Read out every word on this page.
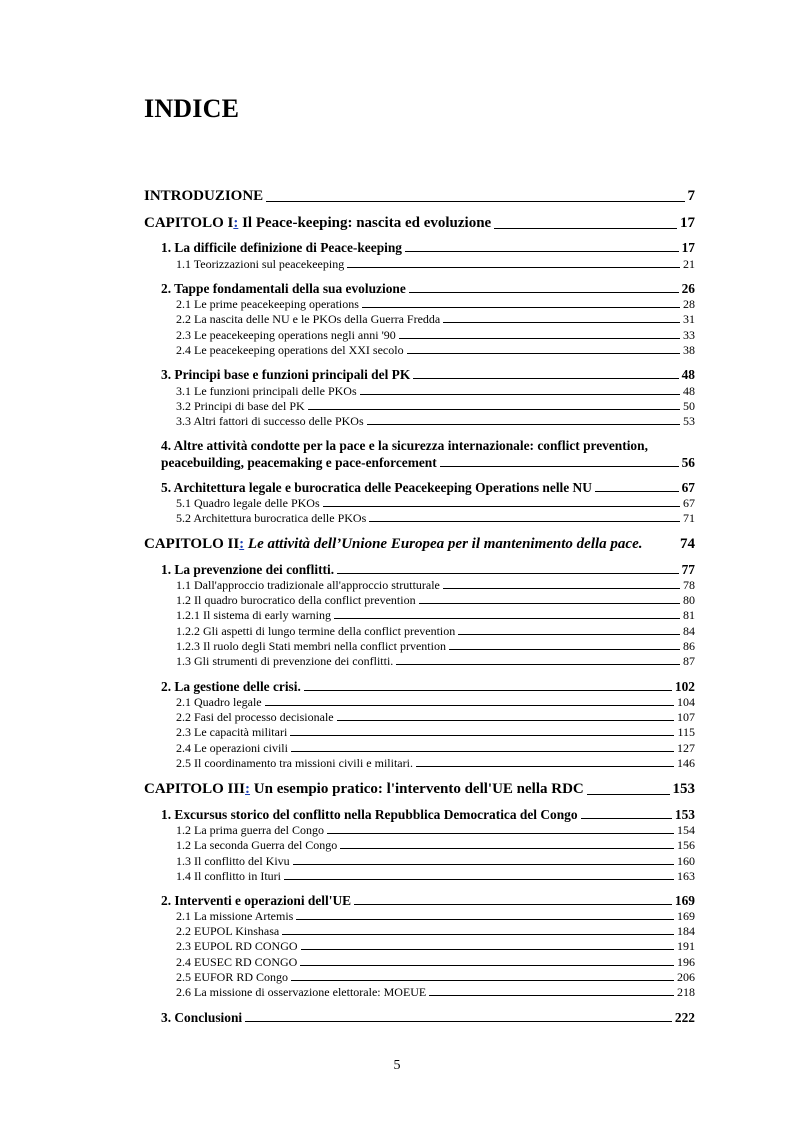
INDICE
INTRODUZIONE	7
CAPITOLO I: Il Peace-keeping: nascita ed evoluzione	17
1. La difficile definizione di Peace-keeping	17
1.1 Teorizzazioni sul peacekeeping	21
2. Tappe fondamentali della sua evoluzione	26
2.1 Le prime peacekeeping operations	28
2.2 La nascita delle NU e le PKOs della Guerra Fredda	31
2.3 Le peacekeeping operations negli anni '90	33
2.4 Le peacekeeping operations del XXI secolo	38
3. Principi base e funzioni principali del PK	48
3.1 Le funzioni principali delle PKOs	48
3.2 Principi di base del PK	50
3.3 Altri fattori di successo delle PKOs	53
4. Altre attività condotte per la pace e la sicurezza internazionale: conflict prevention,
peacebuilding, peacemaking e pace-enforcement	56
5. Architettura legale e burocratica delle Peacekeeping Operations nelle NU	67
5.1 Quadro legale delle PKOs	67
5.2 Architettura burocratica delle PKOs	71
CAPITOLO II: Le attività dell’Unione Europea per il mantenimento della pace.	74
1. La prevenzione dei conflitti.	77
1.1 Dall'approccio tradizionale all'approccio strutturale	78
1.2 Il quadro burocratico della conflict prevention	80
1.2.1 Il sistema di early warning	81
1.2.2 Gli aspetti di lungo termine della conflict prevention	84
1.2.3 Il ruolo degli Stati membri nella conflict prvention	86
1.3 Gli strumenti di prevenzione dei conflitti.	87
2. La gestione delle crisi.	102
2.1 Quadro legale	104
2.2 Fasi del processo decisionale	107
2.3 Le capacità militari	115
2.4 Le operazioni civili	127
2.5 Il coordinamento tra missioni civili e militari.	146
CAPITOLO III: Un esempio pratico: l'intervento dell'UE nella RDC	153
1. Excursus storico del conflitto nella Repubblica Democratica del Congo	153
1.2 La prima guerra del Congo	154
1.2 La seconda Guerra del Congo	156
1.3 Il conflitto del Kivu	160
1.4 Il conflitto in Ituri	163
2. Interventi e operazioni dell'UE	169
2.1 La missione Artemis	169
2.2 EUPOL Kinshasa	184
2.3 EUPOL RD CONGO	191
2.4 EUSEC RD CONGO	196
2.5 EUFOR RD Congo	206
2.6 La missione di osservazione elettorale: MOEUE	218
3. Conclusioni	222
5
